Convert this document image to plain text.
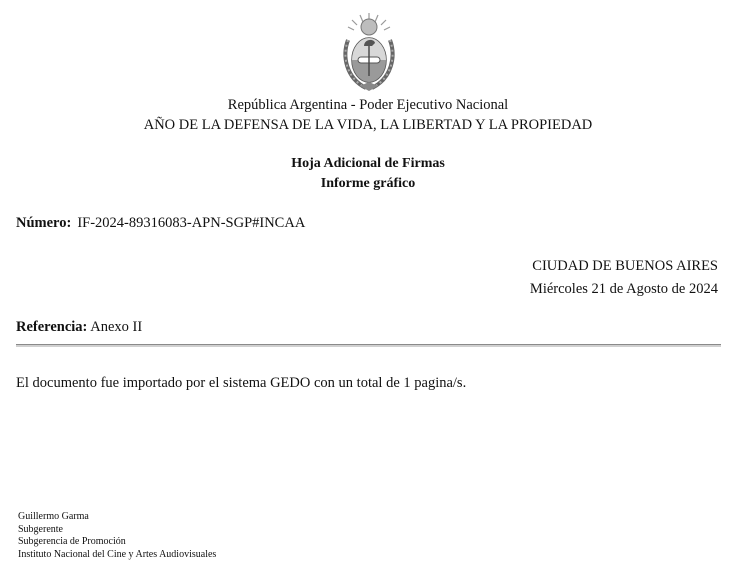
República Argentina - Poder Ejecutivo Nacional
AÑO DE LA DEFENSA DE LA VIDA, LA LIBERTAD Y LA PROPIEDAD
Hoja Adicional de Firmas
Informe gráfico
Número: IF-2024-89316083-APN-SGP#INCAA
CIUDAD DE BUENOS AIRES
Miércoles 21 de Agosto de 2024
Referencia: Anexo II
El documento fue importado por el sistema GEDO con un total de 1 pagina/s.
Guillermo Garma
Subgerente
Subgerencia de Promoción
Instituto Nacional del Cine y Artes Audiovisuales
